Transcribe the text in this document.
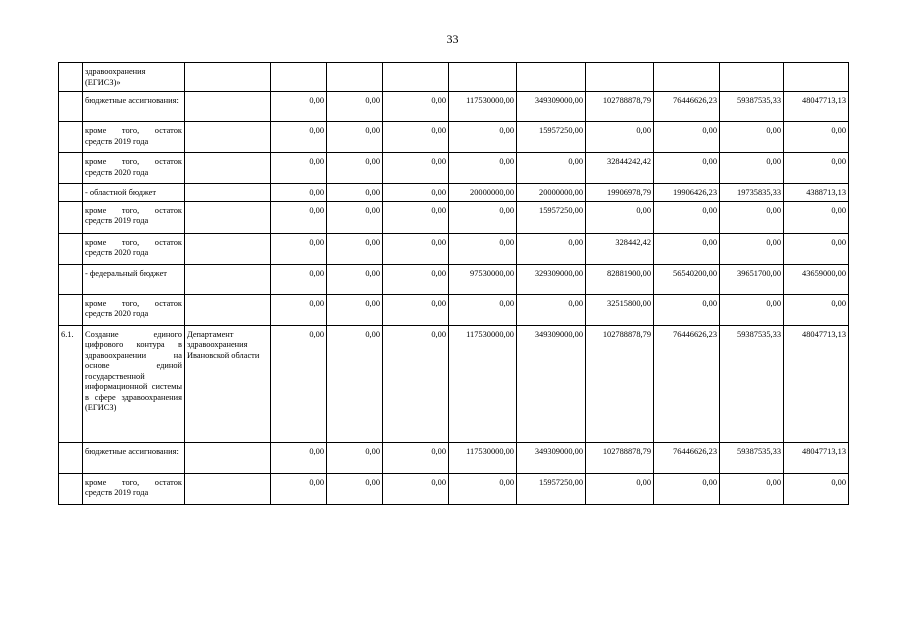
33
	здравоохранения (ЕГИСЗ)»										
	бюджетные ассигнования:		0,00	0,00	0,00	117530000,00	349309000,00	102788878,79	76446626,23	59387535,33	48047713,13
	кроме того, остаток средств 2019 года		0,00	0,00	0,00	0,00	15957250,00	0,00	0,00	0,00	0,00
	кроме того, остаток средств 2020 года		0,00	0,00	0,00	0,00	0,00	32844242,42	0,00	0,00	0,00
	- областной бюджет		0,00	0,00	0,00	20000000,00	20000000,00	19906978,79	19906426,23	19735835,33	4388713,13
	кроме того, остаток средств 2019 года		0,00	0,00	0,00	0,00	15957250,00	0,00	0,00	0,00	0,00
	кроме того, остаток средств 2020 года		0,00	0,00	0,00	0,00	0,00	328442,42	0,00	0,00	0,00
	- федеральный бюджет		0,00	0,00	0,00	97530000,00	329309000,00	82881900,00	56540200,00	39651700,00	43659000,00
	кроме того, остаток средств 2020 года		0,00	0,00	0,00	0,00	0,00	32515800,00	0,00	0,00	0,00
6.1.	Создание единого цифрового контура в здравоохранении на основе единой государственной информационной системы в сфере здравоохранения (ЕГИСЗ)	Департамент здравоохранения Ивановской области	0,00	0,00	0,00	117530000,00	349309000,00	102788878,79	76446626,23	59387535,33	48047713,13
	бюджетные ассигнования:		0,00	0,00	0,00	117530000,00	349309000,00	102788878,79	76446626,23	59387535,33	48047713,13
	кроме того, остаток средств 2019 года		0,00	0,00	0,00	0,00	15957250,00	0,00	0,00	0,00	0,00
